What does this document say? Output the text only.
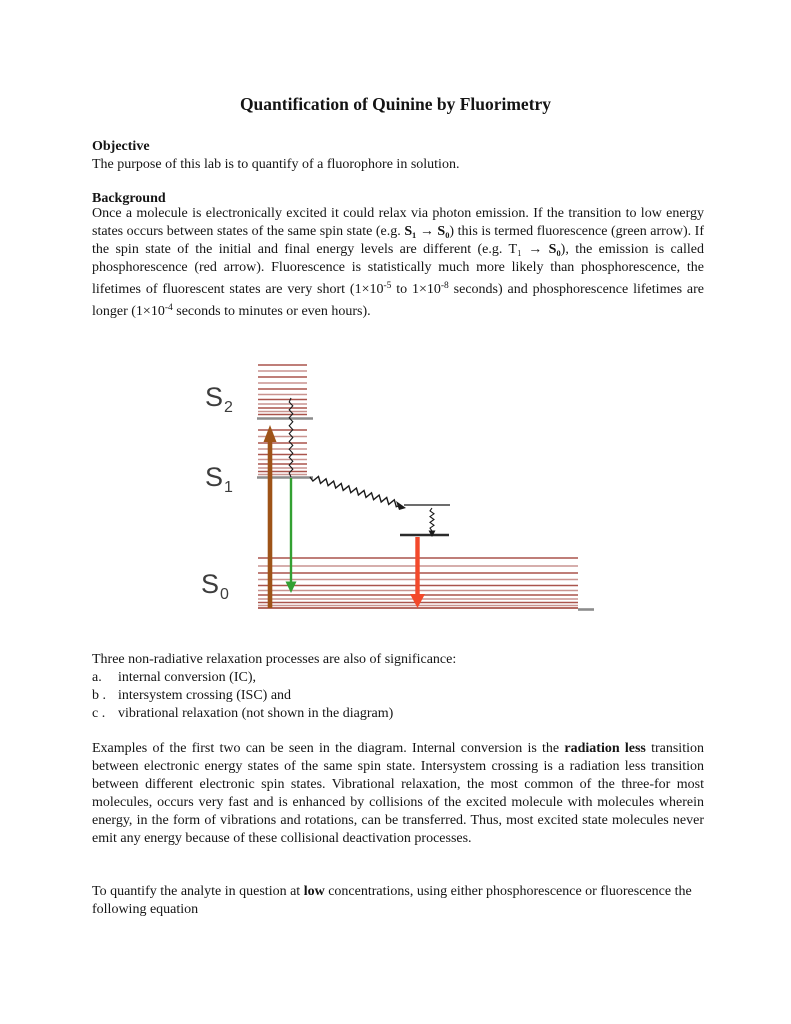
Quantification of Quinine by Fluorimetry
Objective
The purpose of this lab is to quantify of a fluorophore in solution.
Background
Once a molecule is electronically excited it could relax via photon emission. If the transition to low energy states occurs between states of the same spin state (e.g. S₁ → S₀) this is termed fluorescence (green arrow). If the spin state of the initial and final energy levels are different (e.g. T₁ → S₀), the emission is called phosphorescence (red arrow). Fluorescence is statistically much more likely than phosphorescence, the lifetimes of fluorescent states are very short ($1\times 10^{-5}$ to $1\times 10^{-8}$ seconds) and phosphorescence lifetimes are longer ($1\times 10^{-4}$ seconds to minutes or even hours).
$S_2$
$S_1$
$S_0$
Three non-radiative relaxation processes are also of significance:
a.	internal conversion (IC),
b . intersystem crossing (ISC) and
c . vibrational relaxation (not shown in the diagram)
Examples of the first two can be seen in the diagram. Internal conversion is the radiation less transition between electronic energy states of the same spin state. Intersystem crossing is a radiation less transition between different electronic spin states. Vibrational relaxation, the most common of the three-for most molecules, occurs very fast and is enhanced by collisions of the excited molecule with molecules wherein energy, in the form of vibrations and rotations, can be transferred. Thus, most excited state molecules never emit any energy because of these collisional deactivation processes.
To quantify the analyte in question at low concentrations, using either phosphorescence or fluorescence the following equation
